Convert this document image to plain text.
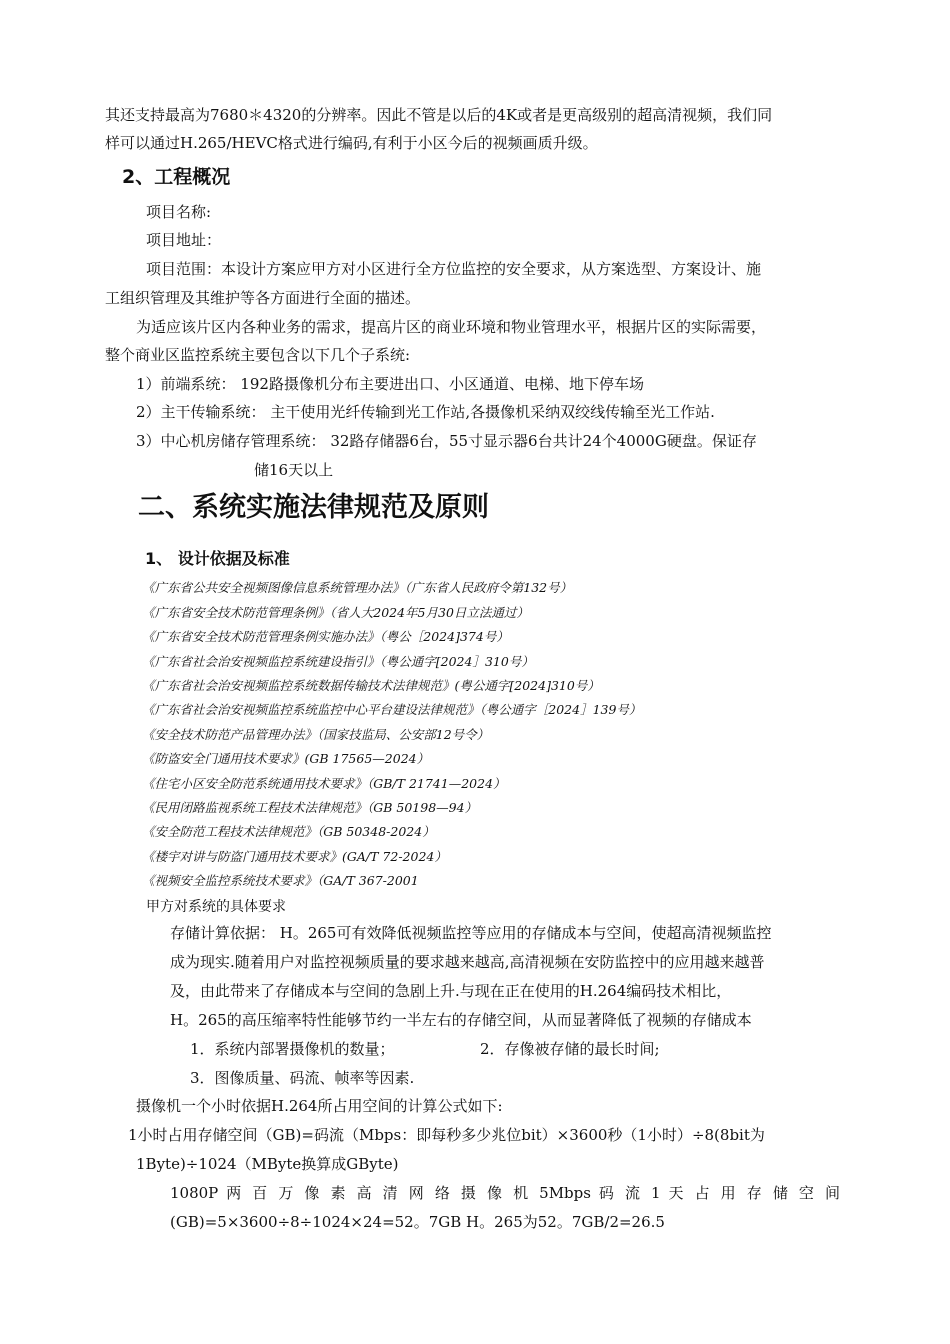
其还支持最高为7680＊4320的分辨率。因此不管是以后的4K或者是更高级别的超高清视频，我们同
样可以通过H.265/HEVC格式进行编码,有利于小区今后的视频画质升级。
2、工程概况
项目名称:
项目地址：
项目范围：本设计方案应甲方对小区进行全方位监控的安全要求，从方案选型、方案设计、施
工组织管理及其维护等各方面进行全面的描述。
为适应该片区内各种业务的需求，提高片区的商业环境和物业管理水平，根据片区的实际需要，
整个商业区监控系统主要包含以下几个子系统:
1）前端系统： 192路摄像机分布主要进出口、小区通道、电梯、地下停车场
2）主干传输系统： 主干使用光纤传输到光工作站,各摄像机采纳双绞线传输至光工作站.
3）中心机房储存管理系统： 32路存储器6台，55寸显示器6台共计24个4000G硬盘。保证存
储16天以上
二、系统实施法律规范及原则
1、 设计依据及标准
《广东省公共安全视频图像信息系统管理办法》（广东省人民政府令第132号）
《广东省安全技术防范管理条例》（省人大2024年5月30日立法通过）
《广东省安全技术防范管理条例实施办法》（粤公［2024]374号）
《广东省社会治安视频监控系统建设指引》（粤公通字[2024］310号）
《广东省社会治安视频监控系统数据传输技术法律规范》(粤公通字[2024]310号）
《广东省社会治安视频监控系统监控中心平台建设法律规范》（粤公通字［2024］139号）
《安全技术防范产品管理办法》（国家技监局、公安部12号令）
《防盗安全门通用技术要求》(GB 17565—2024）
《住宅小区安全防范系统通用技术要求》（GB/T 21741—2024）
《民用闭路监视系统工程技术法律规范》（GB 50198—94）
《安全防范工程技术法律规范》（GB 50348-2024）
《楼宇对讲与防盗门通用技术要求》(GA/T 72-2024）
《视频安全监控系统技术要求》（GA/T 367-2001
甲方对系统的具体要求
存储计算依据： H。265可有效降低视频监控等应用的存储成本与空间，使超高清视频监控
成为现实.随着用户对监控视频质量的要求越来越高,高清视频在安防监控中的应用越来越普
及，由此带来了存储成本与空间的急剧上升.与现在正在使用的H.264编码技术相比，
H。265的高压缩率特性能够节约一半左右的存储空间，从而显著降低了视频的存储成本
1．系统内部署摄像机的数量；	2．存像被存储的最长时间;
3．图像质量、码流、帧率等因素.
摄像机一个小时依据H.264所占用空间的计算公式如下:
1小时占用存储空间（GB)=码流（Mbps：即每秒多少兆位bit）×3600秒（1小时）÷8(8bit为
1Byte)÷1024（MByte换算成GByte)
1080P 两 百 万 像 素 高 清 网 络 摄 像 机 5Mbps 码 流 1 天 占 用 存 储 空 间
(GB)=5×3600÷8÷1024×24=52。7GB H。265为52。7GB/2=26.5
